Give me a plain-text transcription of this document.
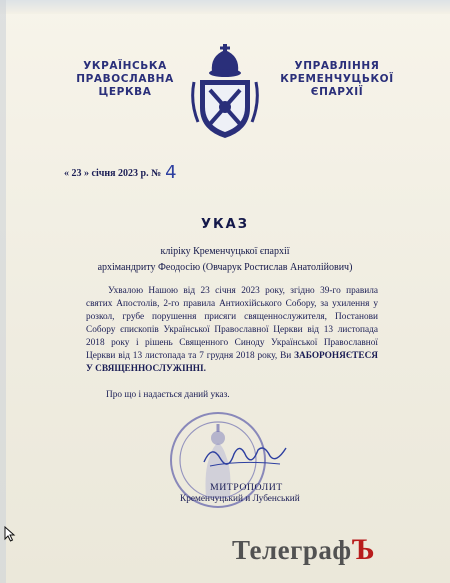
УКРАЇНСЬКА
ПРАВОСЛАВНА ЦЕРКВА
УПРАВЛІННЯ
КРЕМЕНЧУЦЬКОЇ ЄПАРХІЇ
« 23 » січня 2023 р. № 4
УКАЗ
кліріку Кременчуцької єпархії
архімандриту Феодосію (Овчарук Ростислав Анатолійович)

Ухвалою Нашою від 23 січня 2023 року, згідно 39-го правила святих Апостолів, 2-го правила Антиохійського Собору, за ухилення у розкол, грубе порушення присяги священнослужителя, Постанови Собору єпископів Української Православної Церкви від 13 листопада 2018 року і рішень Священного Синоду Української Православної Церкви від 13 листопада та 7 грудня 2018 року, Ви ЗАБОРОНЯЄТЕСЯ У СВЯЩЕННОСЛУЖІННІ.

Про що і надається даний указ.
МИТРОПОЛИТ
Кременчуцький и Лубенський
ТелеграфЪ
